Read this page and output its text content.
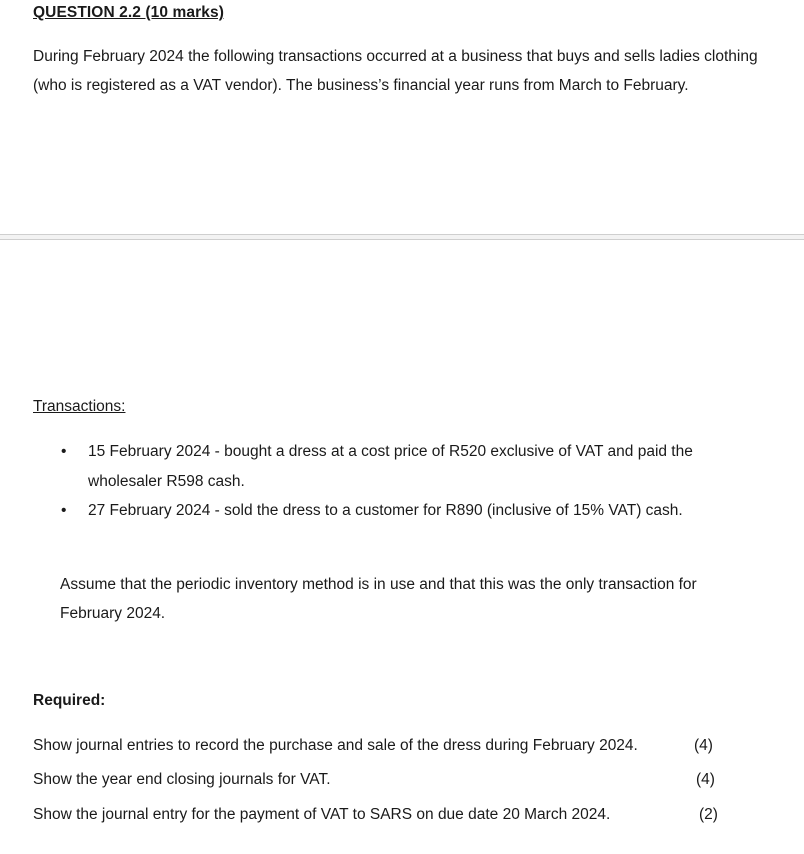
QUESTION 2.2 (10 marks)
During February 2024 the following transactions occurred at a business that buys and sells ladies clothing (who is registered as a VAT vendor). The business’s financial year runs from March to February.
Transactions:
• 15 February 2024 - bought a dress at a cost price of R520 exclusive of VAT and paid the wholesaler R598 cash.
• 27 February 2024 - sold the dress to a customer for R890 (inclusive of 15% VAT) cash.
Assume that the periodic inventory method is in use and that this was the only transaction for February 2024.
Required:
Show journal entries to record the purchase and sale of the dress during February 2024.	(4)
Show the year end closing journals for VAT.	(4)
Show the journal entry for the payment of VAT to SARS on due date 20 March 2024.	(2)
